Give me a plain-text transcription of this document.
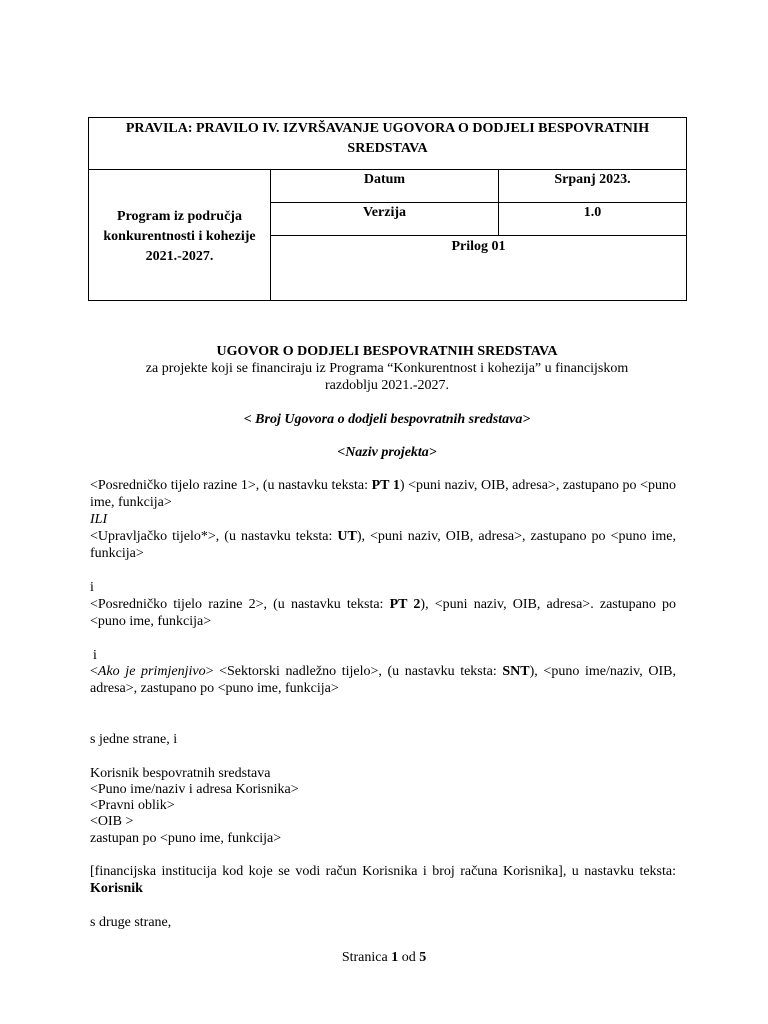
PRAVILA: PRAVILO IV. IZVRŠAVANJE UGOVORA O DODJELI BESPOVRATNIH SREDSTAVA		

Program iz područja
konkurentnosti i kohezije
2021.-2027.	Datum	Srpanj 2023.
	Verzija	1.0
	Prilog 01	
UGOVOR O DODJELI BESPOVRATNIH SREDSTAVA
za projekte koji se financiraju iz Programa “Konkurentnost i kohezija” u financijskom
razdoblju 2021.-2027.
< Broj Ugovora o dodjeli bespovratnih sredstava>
<Naziv projekta>

<Posredničko tijelo razine 1>, (u nastavku teksta: PT 1) <puni naziv, OIB, adresa>, zastupano po <puno ime, funkcija>

ILI

<Upravljačko tijelo*>, (u nastavku teksta: UT), <puni naziv, OIB, adresa>, zastupano po <puno ime, funkcija>

i

<Posredničko tijelo razine 2>, (u nastavku teksta: PT 2), <puni naziv, OIB, adresa>. zastupano po <puno ime, funkcija>

i

<Ako je primjenjivo> <Sektorski nadležno tijelo>, (u nastavku teksta: SNT), <puno ime/naziv, OIB, adresa>, zastupano po <puno ime, funkcija>

s jedne strane, i
Korisnik bespovratnih sredstava
<Puno ime/naziv i adresa Korisnika>
<Pravni oblik>
<OIB >
zastupan po <puno ime, funkcija>

[financijska institucija kod koje se vodi račun Korisnika i broj računa Korisnika], u nastavku teksta: Korisnik

s druge strane,
Stranica 1 od 5
